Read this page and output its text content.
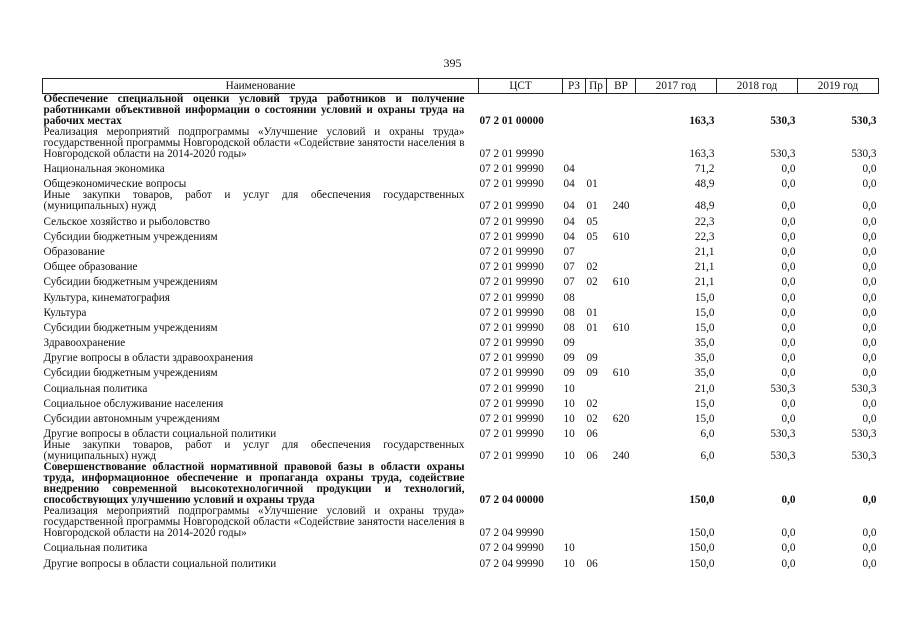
395
Наименование	ЦСТ	РЗ	Пр	ВР	2017 год	2018 год	2019 год
Обеспечение специальной оценки условий труда работников и получение работниками объективной информации о состоянии условий и охраны труда на рабочих местах	07 2 01 00000				163,3	530,3	530,3
Реализация мероприятий подпрограммы «Улучшение условий и охраны труда» государственной программы Новгородской области «Содействие занятости населения в Новгородской области на 2014-2020 годы»	07 2 01 99990				163,3	530,3	530,3
Национальная экономика	07 2 01 99990	04			71,2	0,0	0,0
Общеэкономические вопросы	07 2 01 99990	04	01		48,9	0,0	0,0
Иные закупки товаров, работ и услуг для обеспечения государственных (муниципальных) нужд	07 2 01 99990	04	01	240	48,9	0,0	0,0
Сельское хозяйство и рыболовство	07 2 01 99990	04	05		22,3	0,0	0,0
Субсидии бюджетным учреждениям	07 2 01 99990	04	05	610	22,3	0,0	0,0
Образование	07 2 01 99990	07			21,1	0,0	0,0
Общее образование	07 2 01 99990	07	02		21,1	0,0	0,0
Субсидии бюджетным учреждениям	07 2 01 99990	07	02	610	21,1	0,0	0,0
Культура, кинематография	07 2 01 99990	08			15,0	0,0	0,0
Культура	07 2 01 99990	08	01		15,0	0,0	0,0
Субсидии бюджетным учреждениям	07 2 01 99990	08	01	610	15,0	0,0	0,0
Здравоохранение	07 2 01 99990	09			35,0	0,0	0,0
Другие вопросы в области здравоохранения	07 2 01 99990	09	09		35,0	0,0	0,0
Субсидии бюджетным учреждениям	07 2 01 99990	09	09	610	35,0	0,0	0,0
Социальная политика	07 2 01 99990	10			21,0	530,3	530,3
Социальное обслуживание населения	07 2 01 99990	10	02		15,0	0,0	0,0
Субсидии автономным учреждениям	07 2 01 99990	10	02	620	15,0	0,0	0,0
Другие вопросы в области социальной политики	07 2 01 99990	10	06		6,0	530,3	530,3
Иные закупки товаров, работ и услуг для обеспечения государственных (муниципальных) нужд	07 2 01 99990	10	06	240	6,0	530,3	530,3
Совершенствование областной нормативной правовой базы в области охраны труда, информационное обеспечение и пропаганда охраны труда, содействие внедрению современной высокотехнологичной продукции и технологий, способствующих улучшению условий и охраны труда	07 2 04 00000				150,0	0,0	0,0
Реализация мероприятий подпрограммы «Улучшение условий и охраны труда» государственной программы Новгородской области «Содействие занятости населения в Новгородской области на 2014-2020 годы»	07 2 04 99990				150,0	0,0	0,0
Социальная политика	07 2 04 99990	10			150,0	0,0	0,0
Другие вопросы в области социальной политики	07 2 04 99990	10	06		150,0	0,0	0,0
